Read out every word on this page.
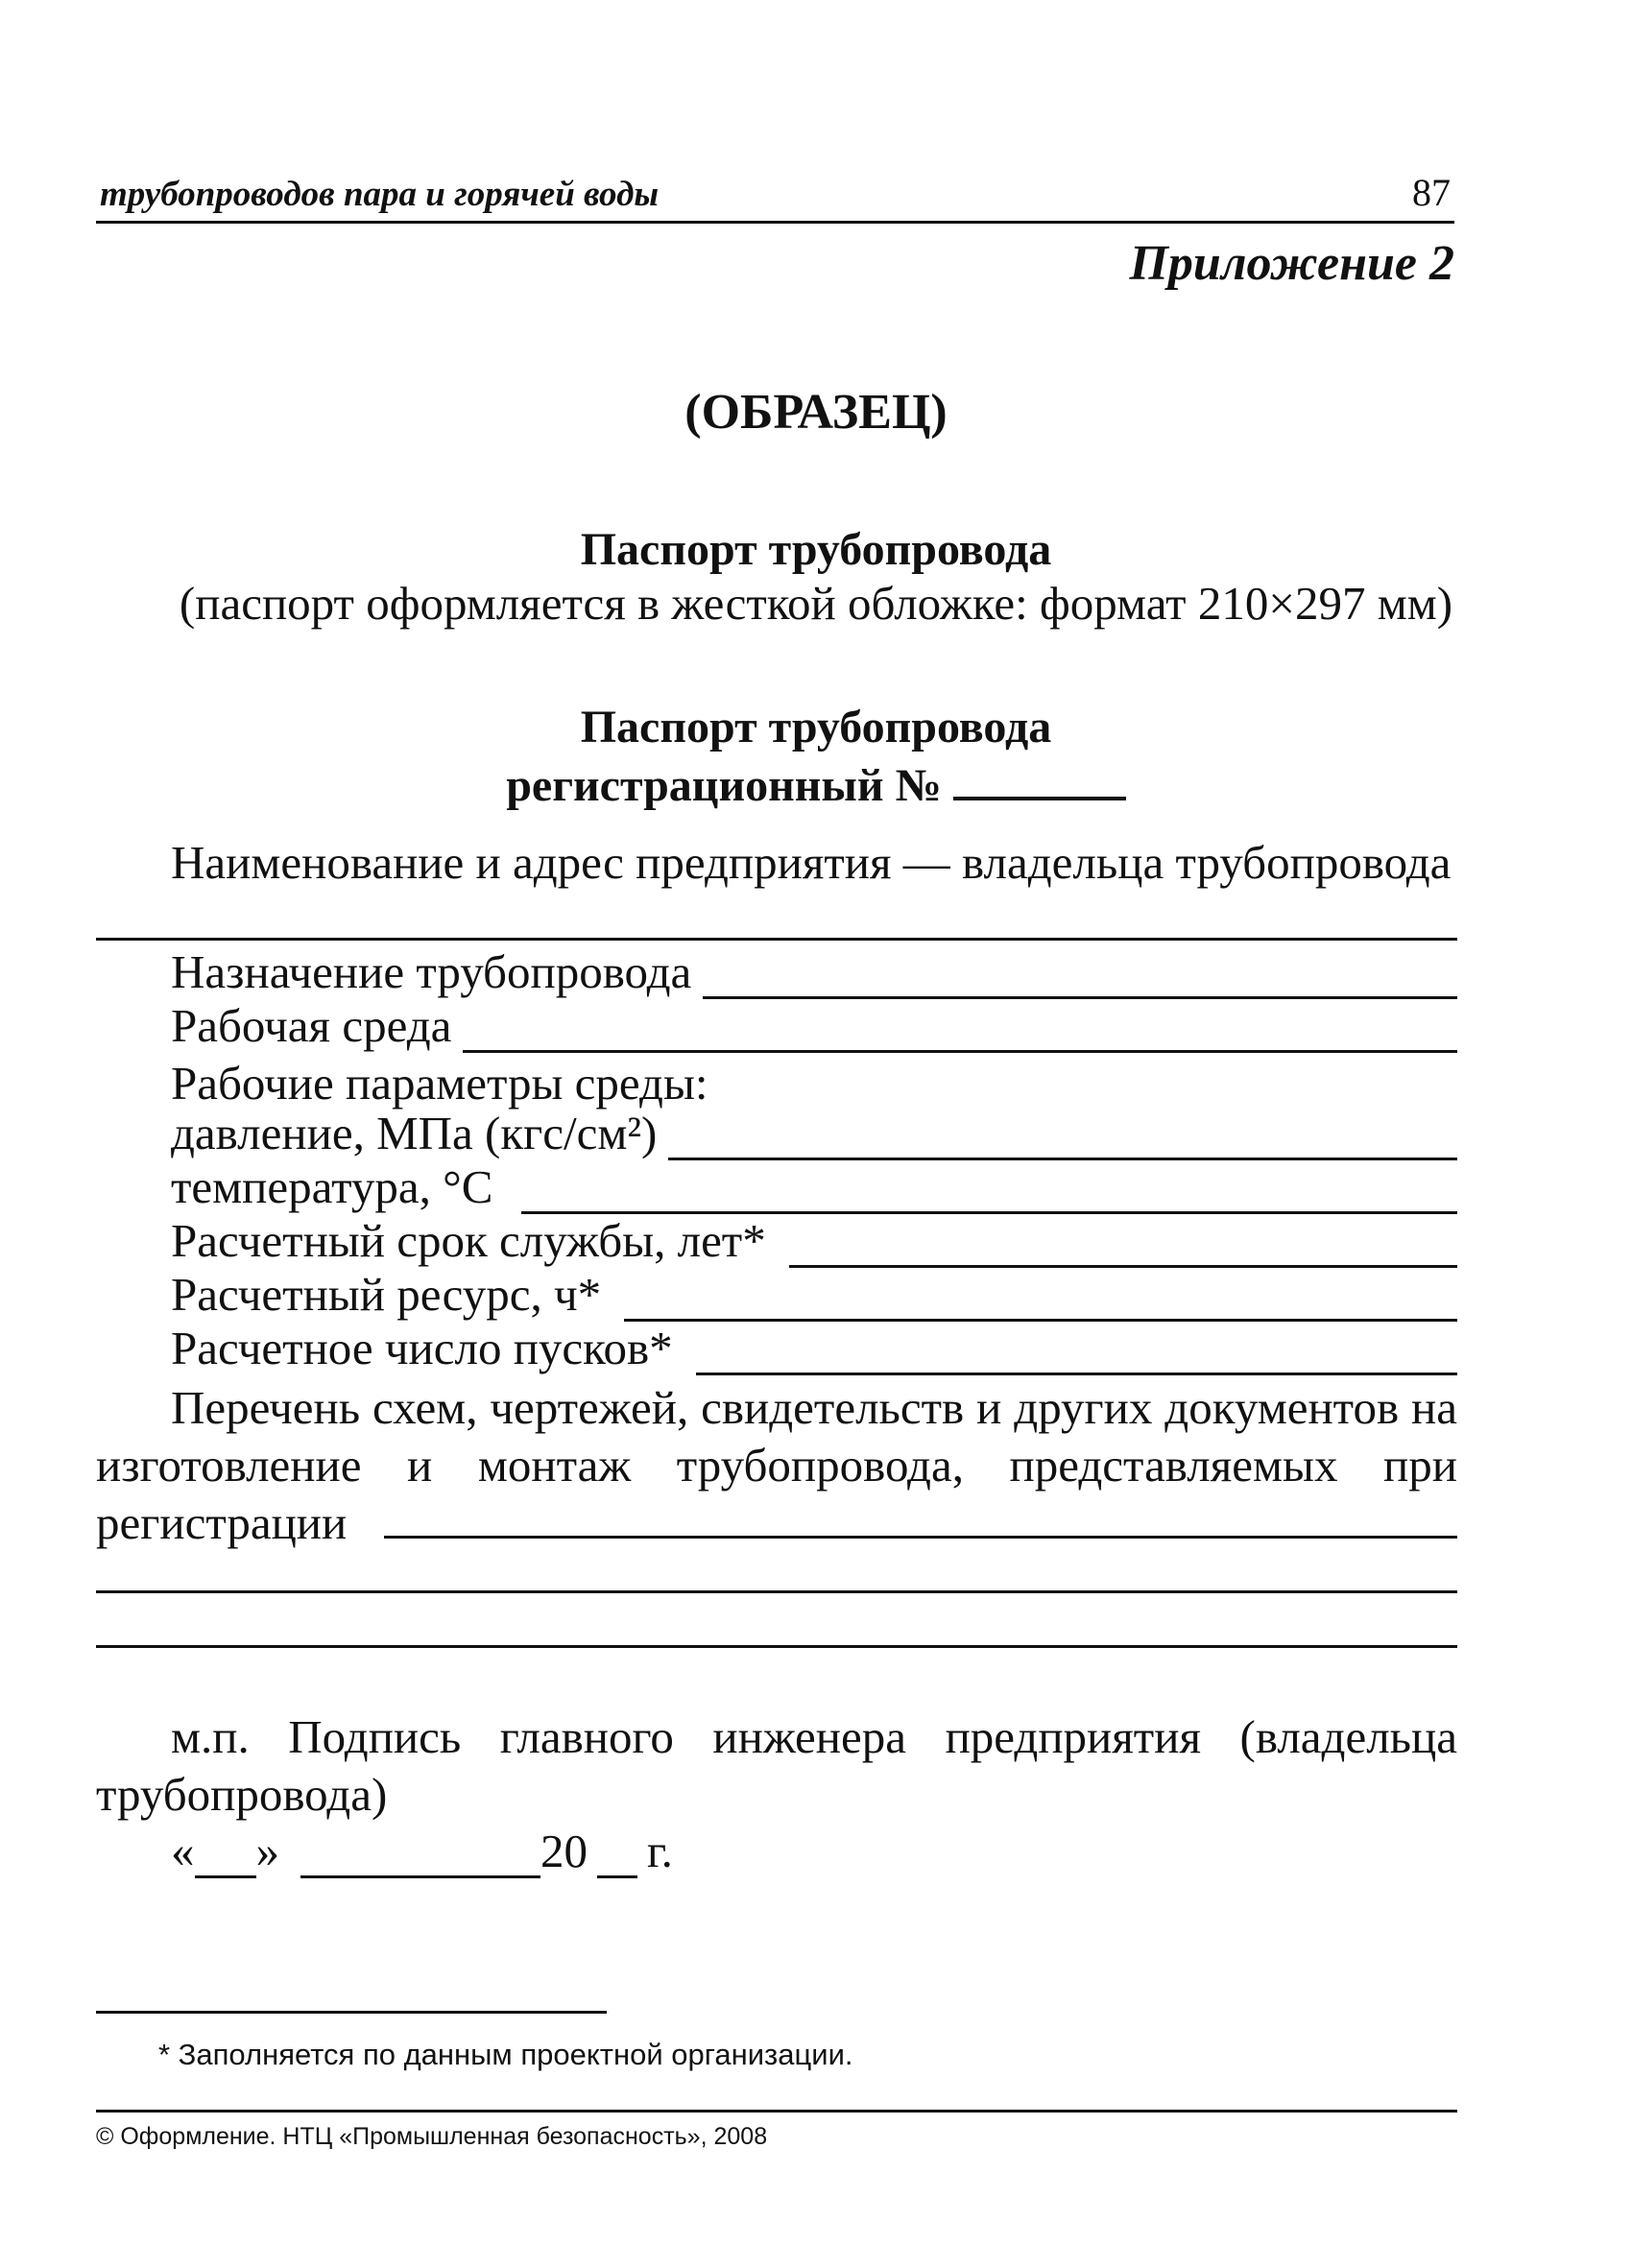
трубопроводов пара и горячей воды	87
Приложение 2
(ОБРАЗЕЦ)
Паспорт трубопровода
(паспорт оформляется в жесткой обложке: формат 210×297 мм)
Паспорт трубопровода
регистрационный №
Наименование и адрес предприятия — владельца трубопровода
Назначение трубопровода
Рабочая среда
Рабочие параметры среды:
давление, МПа (кгс/см²)
температура, °С
Расчетный срок службы, лет*
Расчетный ресурс, ч*
Расчетное число пусков*
Перечень схем, чертежей, свидетельств и других документов на изготовление и монтаж трубопровода, представляемых при регистрации
м.п. Подпись главного инженера предприятия (владельца трубопровода)
« »	20 г.
* Заполняется по данным проектной организации.
© Оформление. НТЦ «Промышленная безопасность», 2008
